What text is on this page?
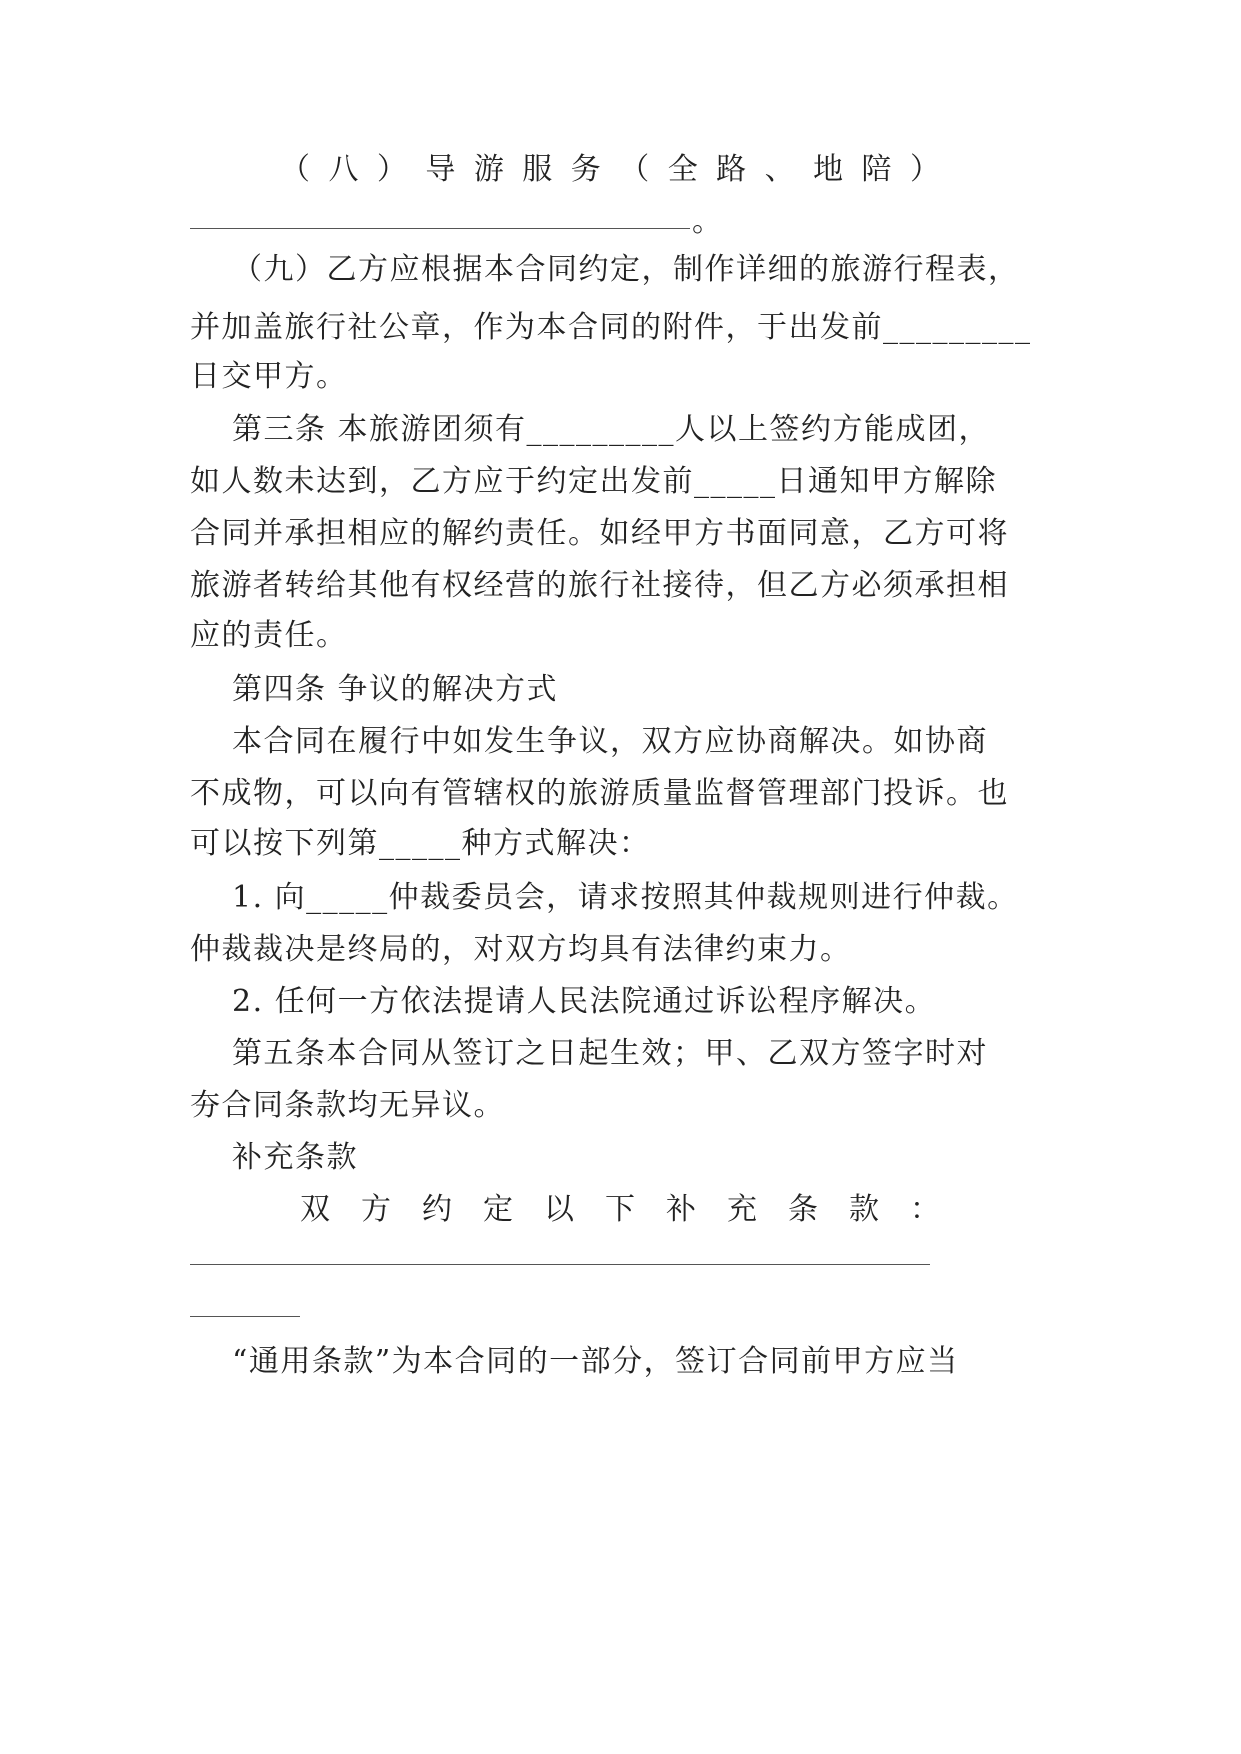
（八）导游服务（全路、地陪）
。
（九）乙方应根据本合同约定，制作详细的旅游行程表，
并加盖旅行社公章，作为本合同的附件，于出发前_________
日交甲方。
第三条 本旅游团须有_________人以上签约方能成团，
如人数未达到，乙方应于约定出发前_____日通知甲方解除
合同并承担相应的解约责任。如经甲方书面同意，乙方可将
旅游者转给其他有权经营的旅行社接待，但乙方必须承担相
应的责任。
第四条 争议的解决方式
本合同在履行中如发生争议，双方应协商解决。如协商
不成物，可以向有管辖权的旅游质量监督管理部门投诉。也
可以按下列第_____种方式解决：
1. 向_____仲裁委员会，请求按照其仲裁规则进行仲裁。
仲裁裁决是终局的，对双方均具有法律约束力。
2. 任何一方依法提请人民法院通过诉讼程序解决。
第五条本合同从签订之日起生效；甲、乙双方签字时对
夯合同条款均无异议。
补充条款
双方约定以下补充条款：
“通用条款”为本合同的一部分，签订合同前甲方应当
